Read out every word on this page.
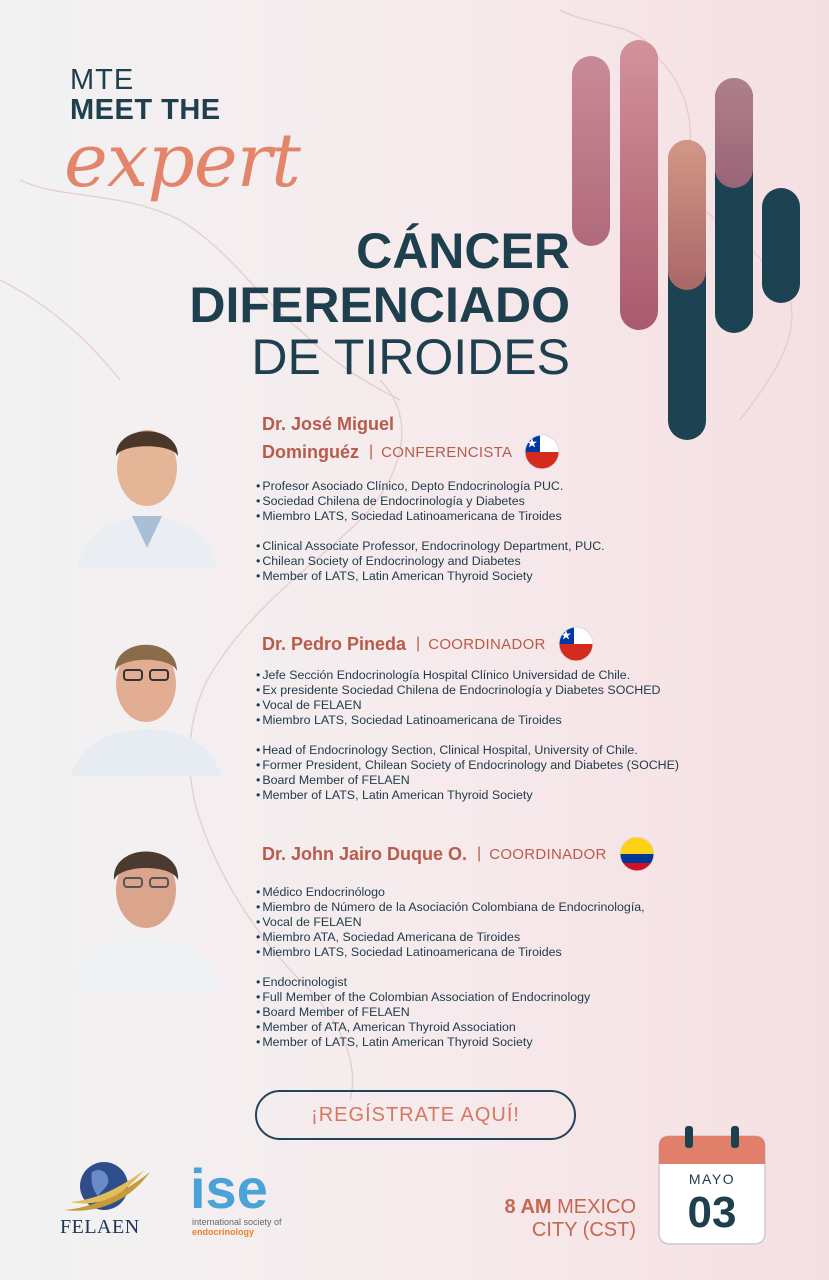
MTE
MEET THE
expert
CÁNCER
DIFERENCIADO
DE TIROIDES
Dr. José Miguel
Dominguéz | CONFERENCISTA
• Profesor Asociado Clínico, Depto Endocrinología PUC.
• Sociedad Chilena de Endocrinología y Diabetes
• Miembro LATS, Sociedad Latinoamericana de Tiroides
• Clinical Associate Professor, Endocrinology Department, PUC.
• Chilean Society of Endocrinology and Diabetes
• Member of LATS, Latin American Thyroid Society
Dr. Pedro Pineda | COORDINADOR
• Jefe Sección Endocrinología Hospital Clínico Universidad de Chile.
• Ex presidente Sociedad Chilena de Endocrinología y Diabetes SOCHED
• Vocal de FELAEN
• Miembro LATS, Sociedad Latinoamericana de Tiroides
• Head of Endocrinology Section, Clinical Hospital, University of Chile.
• Former President, Chilean Society of Endocrinology and Diabetes (SOCHE)
• Board Member of FELAEN
• Member of LATS, Latin American Thyroid Society
Dr. John Jairo Duque O. | COORDINADOR
• Médico Endocrinólogo
• Miembro de Número de la Asociación Colombiana de Endocrinología,
• Vocal de FELAEN
• Miembro ATA, Sociedad Americana de Tiroides
• Miembro LATS, Sociedad Latinoamericana de Tiroides
• Endocrinologist
• Full Member of the Colombian Association of Endocrinology
• Board Member of FELAEN
• Member of ATA, American Thyroid Association
• Member of LATS, Latin American Thyroid Society
¡REGÍSTRATE AQUÍ!
FELAEN
ise
international society of
endocrinology
8 AM MEXICO
CITY (CST)
MAYO
03
